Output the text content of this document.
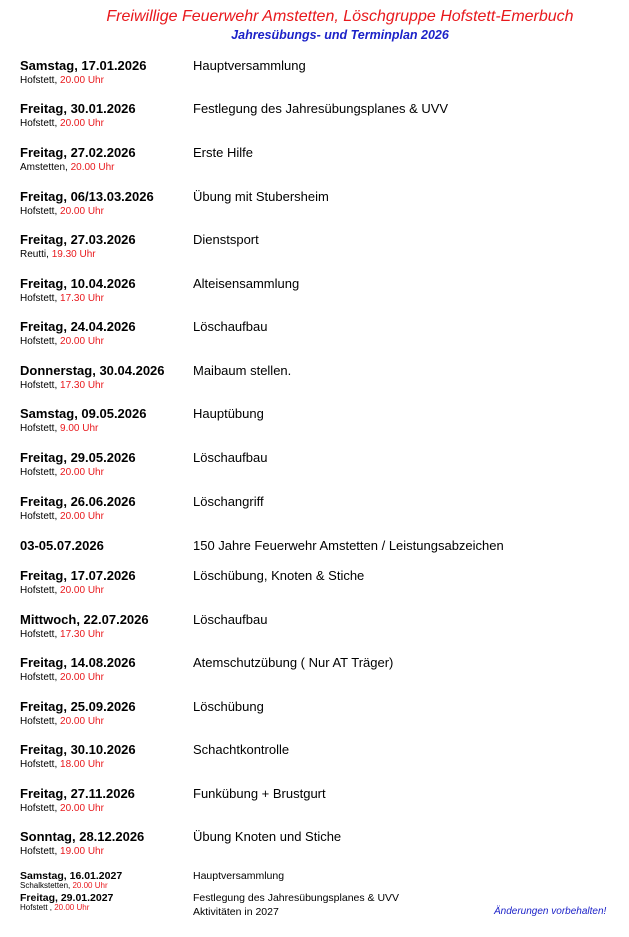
Freiwillige Feuerwehr Amstetten, Löschgruppe Hofstett-Emerbuch
Jahresübungs- und Terminplan 2026
Samstag, 17.01.2026
Hofstett, 20.00 Uhr
Hauptversammlung
Freitag, 30.01.2026
Hofstett, 20.00 Uhr
Festlegung des Jahresübungsplanes & UVV
Freitag, 27.02.2026
Amstetten, 20.00 Uhr
Erste Hilfe
Freitag, 06/13.03.2026
Hofstett, 20.00 Uhr
Übung mit Stubersheim
Freitag, 27.03.2026
Reutti, 19.30 Uhr
Dienstsport
Freitag, 10.04.2026
Hofstett, 17.30 Uhr
Alteisensammlung
Freitag, 24.04.2026
Hofstett, 20.00 Uhr
Löschaufbau
Donnerstag, 30.04.2026
Hofstett, 17.30 Uhr
Maibaum stellen.
Samstag, 09.05.2026
Hofstett, 9.00 Uhr
Hauptübung
Freitag, 29.05.2026
Hofstett, 20.00 Uhr
Löschaufbau
Freitag, 26.06.2026
Hofstett, 20.00 Uhr
Löschangriff
03-05.07.2026	150 Jahre Feuerwehr Amstetten / Leistungsabzeichen
Freitag, 17.07.2026
Hofstett, 20.00 Uhr
Löschübung, Knoten & Stiche
Mittwoch, 22.07.2026
Hofstett, 17.30 Uhr
Löschaufbau
Freitag, 14.08.2026
Hofstett, 20.00 Uhr
Atemschutzübung ( Nur AT Träger)
Freitag, 25.09.2026
Hofstett, 20.00 Uhr
Löschübung
Freitag, 30.10.2026
Hofstett, 18.00 Uhr
Schachtkontrolle
Freitag, 27.11.2026
Hofstett, 20.00 Uhr
Funkübung + Brustgurt
Sonntag, 28.12.2026
Hofstett, 19.00 Uhr
Übung Knoten und Stiche
Samstag, 16.01.2027
Schalkstetten, 20.00 Uhr
Hauptversammlung
Freitag, 29.01.2027
Hofstett , 20.00 Uhr
Festlegung des Jahresübungsplanes & UVV
Aktivitäten in 2027	Änderungen vorbehalten!
